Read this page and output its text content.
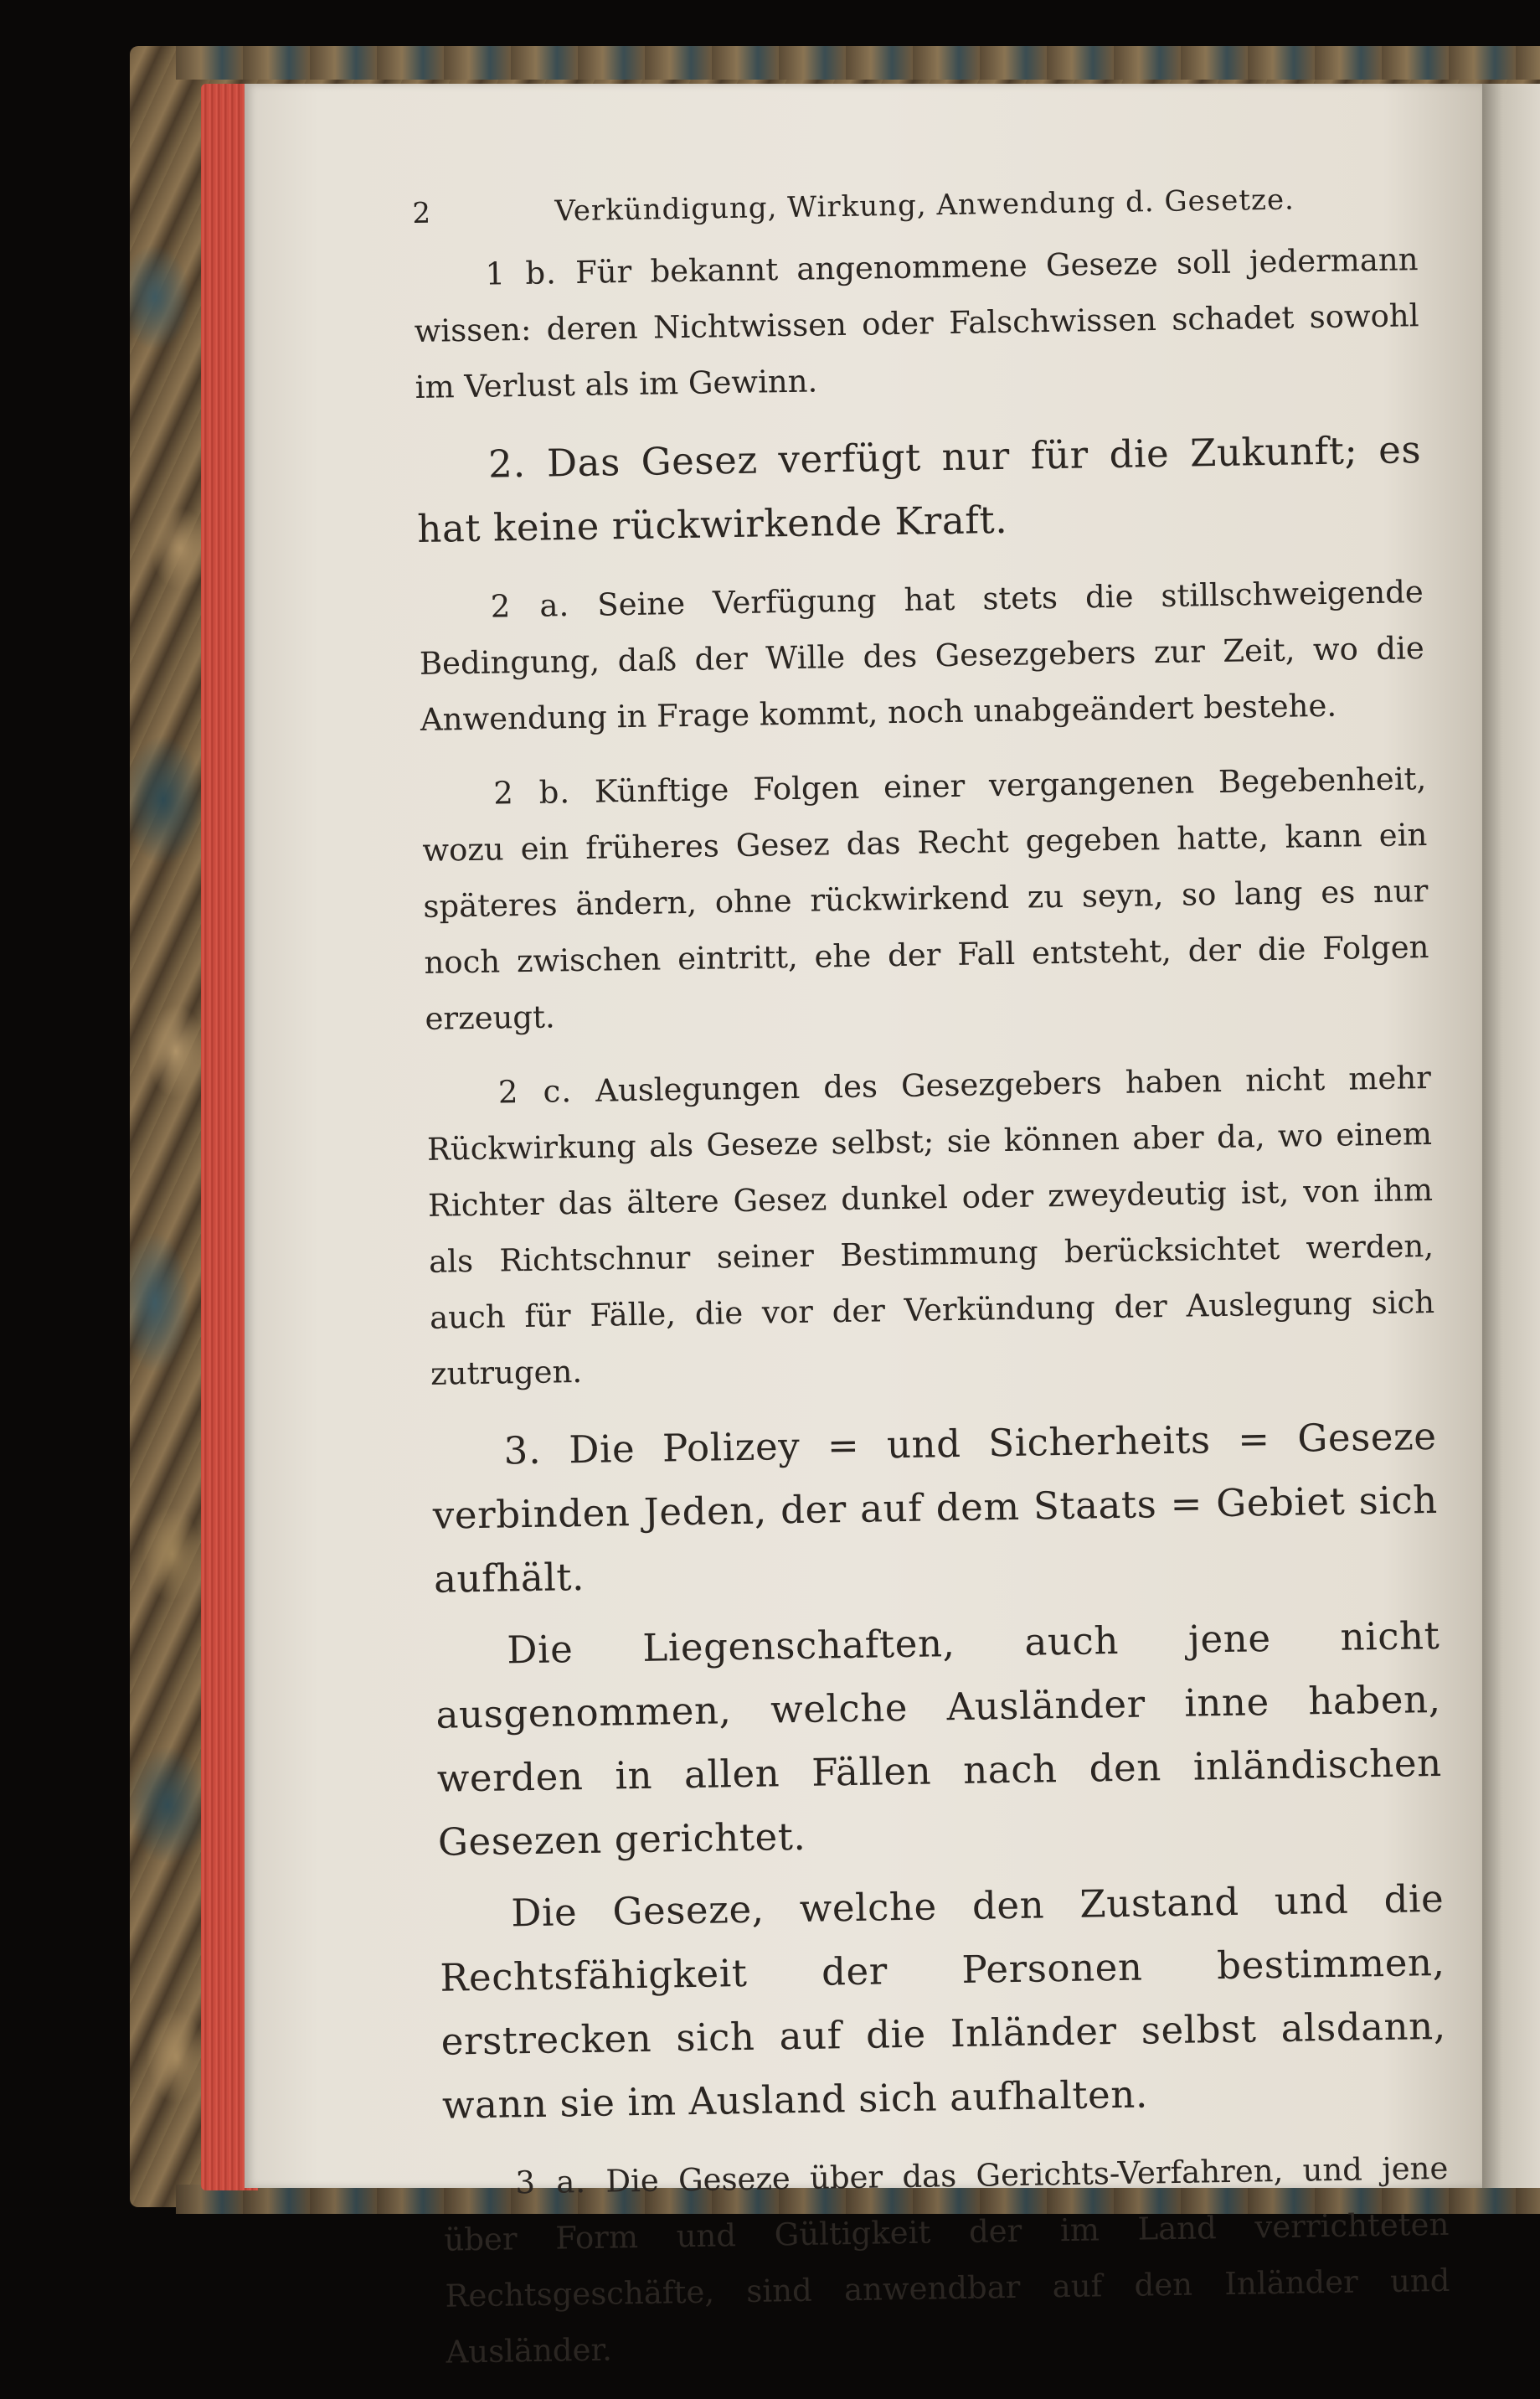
2	Verkündigung, Wirkung, Anwendung d. Gesetze.

1 b. Für bekannt angenommene Geseze soll jedermann wissen: deren Nichtwissen oder Falschwissen schadet sowohl im Verlust als im Gewinn.

2. Das Gesez verfügt nur für die Zukunft; es hat keine rückwirkende Kraft.

2 a. Seine Verfügung hat stets die stillschweigende Bedingung, daß der Wille des Gesezgebers zur Zeit, wo die Anwendung in Frage kommt, noch unabgeändert bestehe.

2 b. Künftige Folgen einer vergangenen Begebenheit, wozu ein früheres Gesez das Recht gegeben hatte, kann ein späteres ändern, ohne rückwirkend zu seyn, so lang es nur noch zwischen eintritt, ehe der Fall entsteht, der die Folgen erzeugt.

2 c. Auslegungen des Gesezgebers haben nicht mehr Rückwirkung als Geseze selbst; sie können aber da, wo einem Richter das ältere Gesez dunkel oder zweydeutig ist, von ihm als Richtschnur seiner Bestimmung berücksichtet werden, auch für Fälle, die vor der Verkündung der Auslegung sich zutrugen.

3. Die Polizey = und Sicherheits = Geseze verbinden Jeden, der auf dem Staats = Gebiet sich aufhält.

Die Liegenschaften, auch jene nicht ausgenommen, welche Ausländer inne haben, werden in allen Fällen nach den inländischen Gesezen gerichtet.

Die Geseze, welche den Zustand und die Rechtsfähigkeit der Personen bestimmen, erstrecken sich auf die Inländer selbst alsdann, wann sie im Ausland sich aufhalten.

3 a. Die Geseze über das Gerichts-Verfahren, und jene über Form und Gültigkeit der im Land verrichteten Rechtsgeschäfte, sind anwendbar auf den Inländer und Ausländer.
